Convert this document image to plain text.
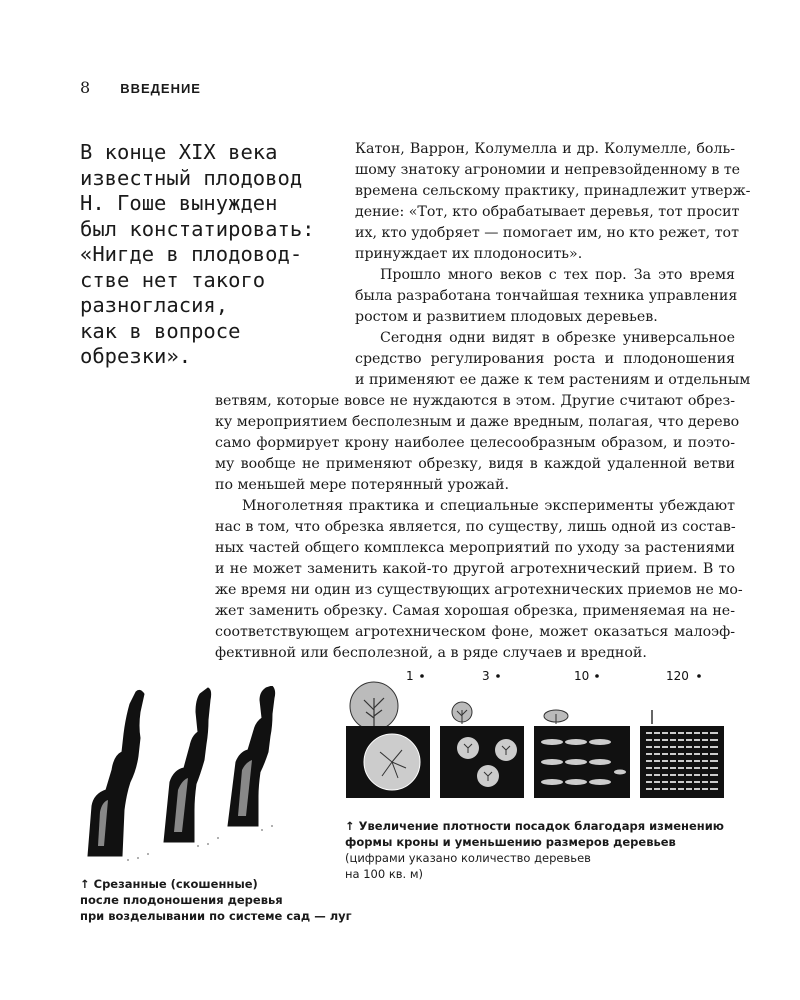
8 ВВЕДЕНИЕ
В конце XIX века
известный плодовод
Н. Гоше вынужден
был констатировать:
«Нигде в плодовод-
стве нет такого
разногласия,
как в вопросе
обрезки».
Катон, Варрон, Колумелла и др. Колумелле, боль-
шому знатоку агрономии и непревзойденному в те
времена сельскому практику, принадлежит утверж-
дение: «Тот, кто обрабатывает деревья, тот просит
их, кто удобряет — помогает им, но кто режет, тот
принуждает их плодоносить».
Прошло много веков с тех пор. За это время
была разработана тончайшая техника управления
ростом и развитием плодовых деревьев.
Сегодня одни видят в обрезке универсальное
средство регулирования роста и плодоношения
и применяют ее даже к тем растениям и отдельным
ветвям, которые вовсе не нуждаются в этом. Другие считают обрез-
ку мероприятием бесполезным и даже вредным, полагая, что дерево
само формирует крону наиболее целесообразным образом, и поэто-
му вообще не применяют обрезку, видя в каждой удаленной ветви
по меньшей мере потерянный урожай.
Многолетняя практика и специальные эксперименты убеждают
нас в том, что обрезка является, по существу, лишь одной из состав-
ных частей общего комплекса мероприятий по уходу за растениями
и не может заменить какой-то другой агротехнический прием. В то
же время ни один из существующих агротехнических приемов не мо-
жет заменить обрезку. Самая хорошая обрезка, применяемая на не-
соответствующем агротехническом фоне, может оказаться малоэф-
фективной или бесполезной, а в ряде случаев и вредной.
↑ Срезанные (скошенные)
после плодоношения деревья
при возделывании по системе сад — луг
1	3	10	120
↑ Увеличение плотности посадок благодаря изменению
формы кроны и уменьшению размеров деревьев
(цифрами указано количество деревьев
на 100 кв. м)
